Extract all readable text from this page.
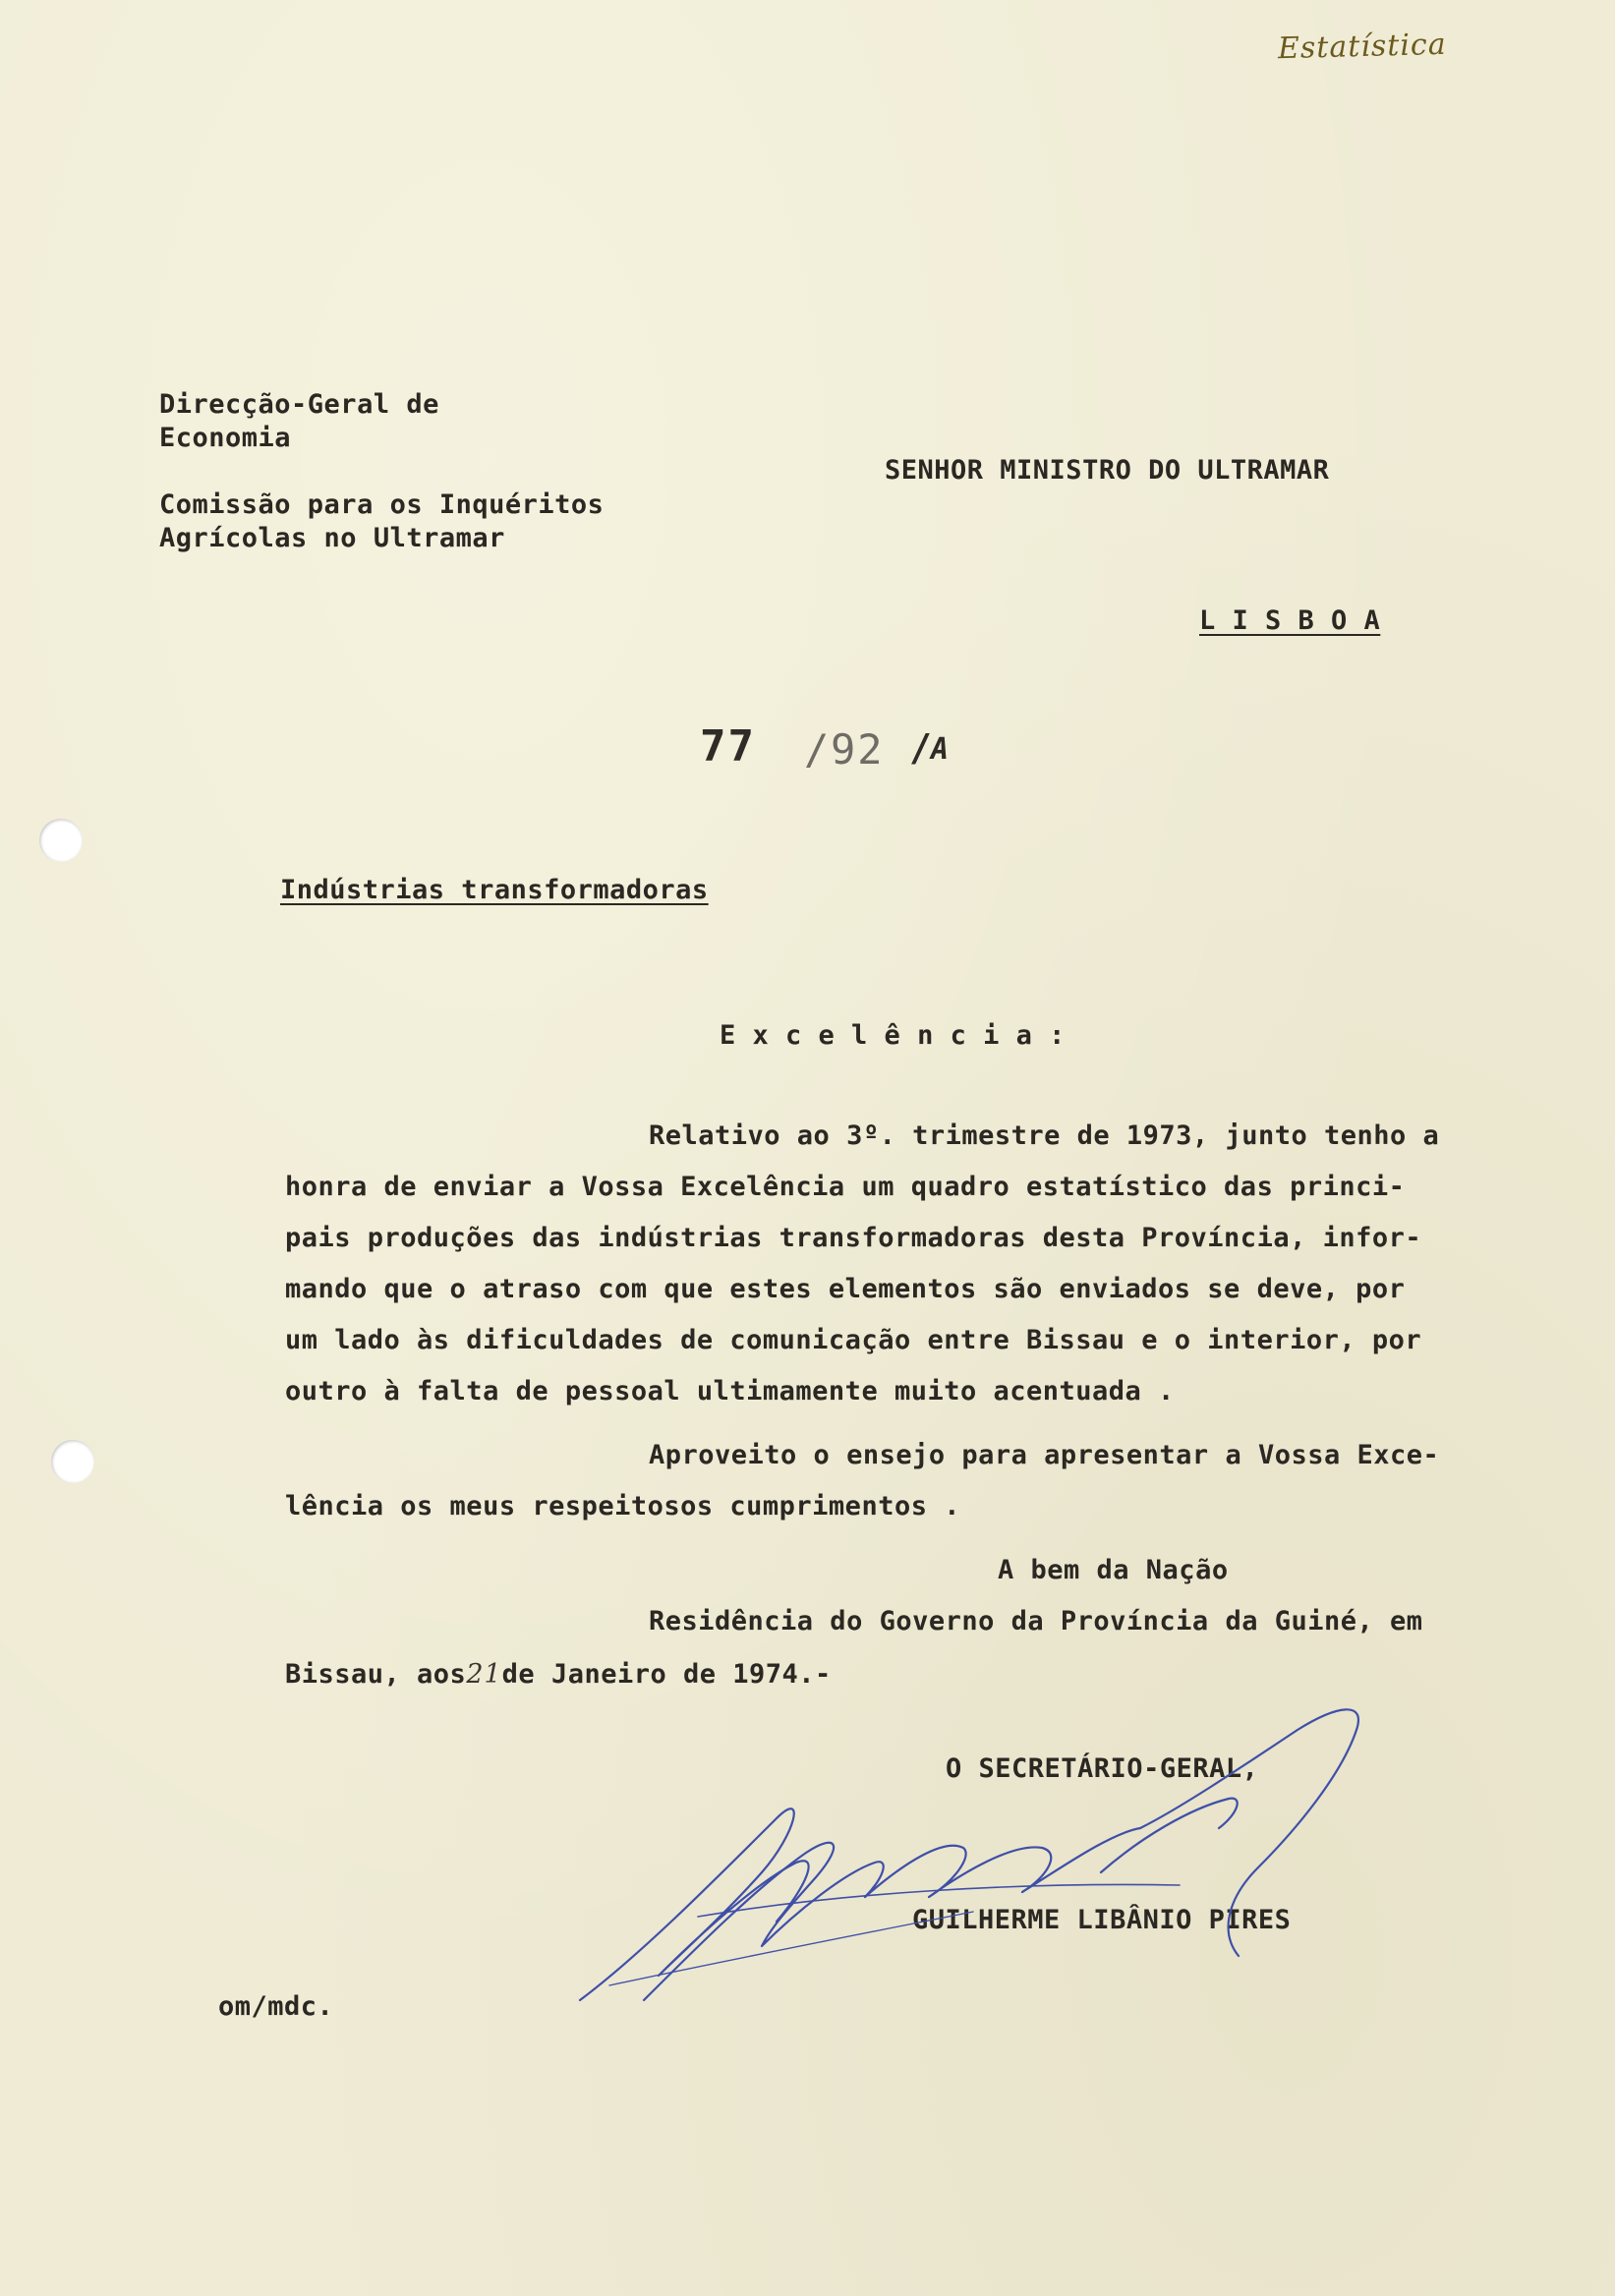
Estatística
Direcção-Geral de
Economia
Comissão para os Inquéritos
Agrícolas no Ultramar
SENHOR MINISTRO DO ULTRAMAR
L I S B O A
77 / 92 /
A
Indústrias transformadoras
E x c e l ê n c i a :
Relativo ao 3º. trimestre de 1973, junto tenho a
honra de enviar a Vossa Excelência um quadro estatístico das princi-
pais produções das indústrias transformadoras desta Província, infor-
mando que o atraso com que estes elementos são enviados se deve, por
um lado às dificuldades de comunicação entre Bissau e o interior, por
outro à falta de pessoal ultimamente muito acentuada .
Aproveito o ensejo para apresentar a Vossa Exce-
lência os meus respeitosos cumprimentos .
A bem da Nação
Residência do Governo da Província da Guiné, em
Bissau, aos21de Janeiro de 1974.-
O SECRETÁRIO-GERAL,
GUILHERME LIBÂNIO PIRES
om/mdc.
